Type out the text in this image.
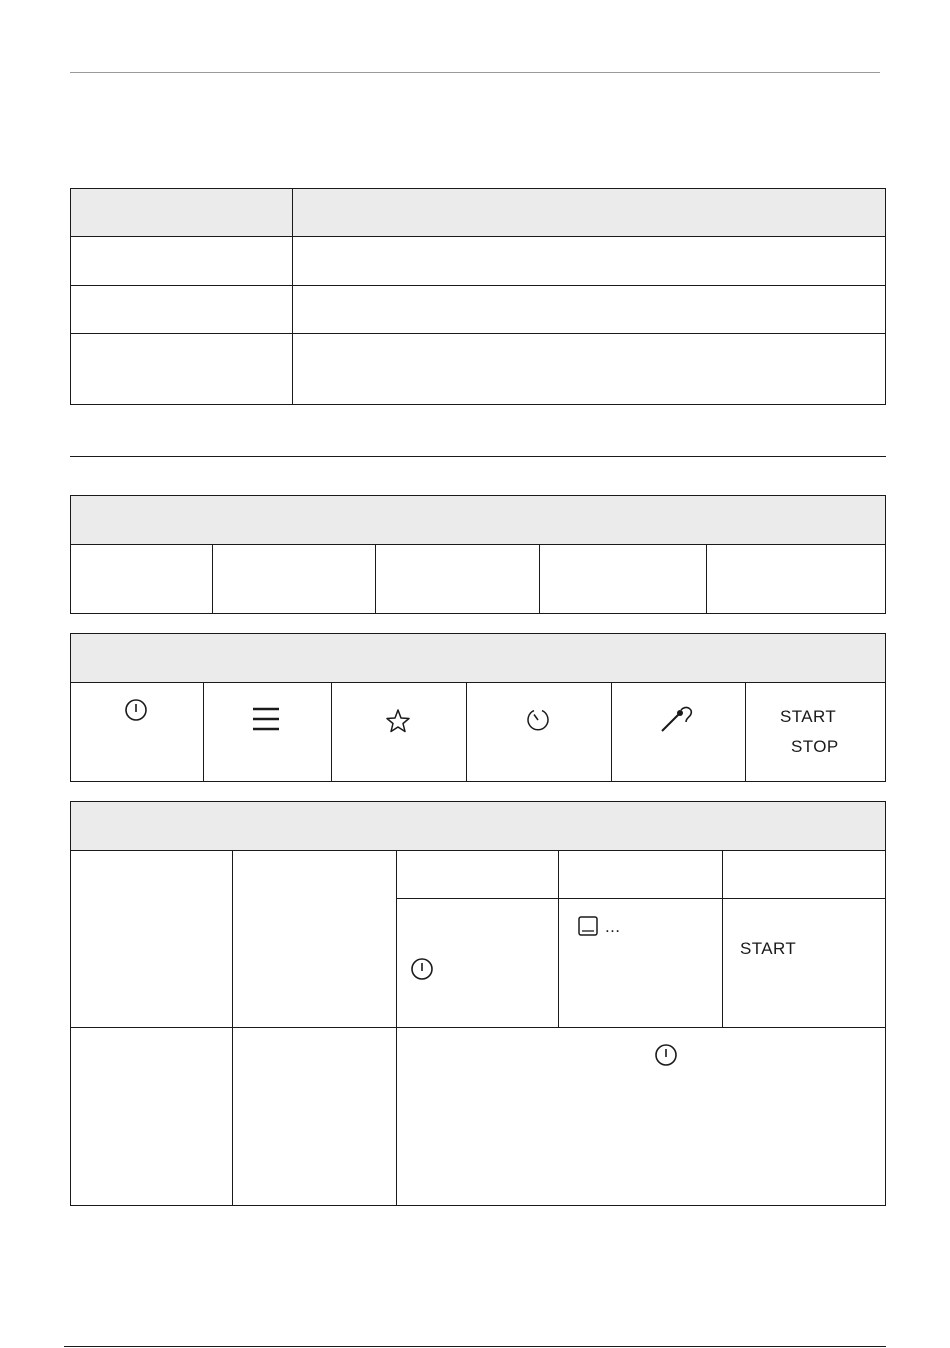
START
STOP
...
START
